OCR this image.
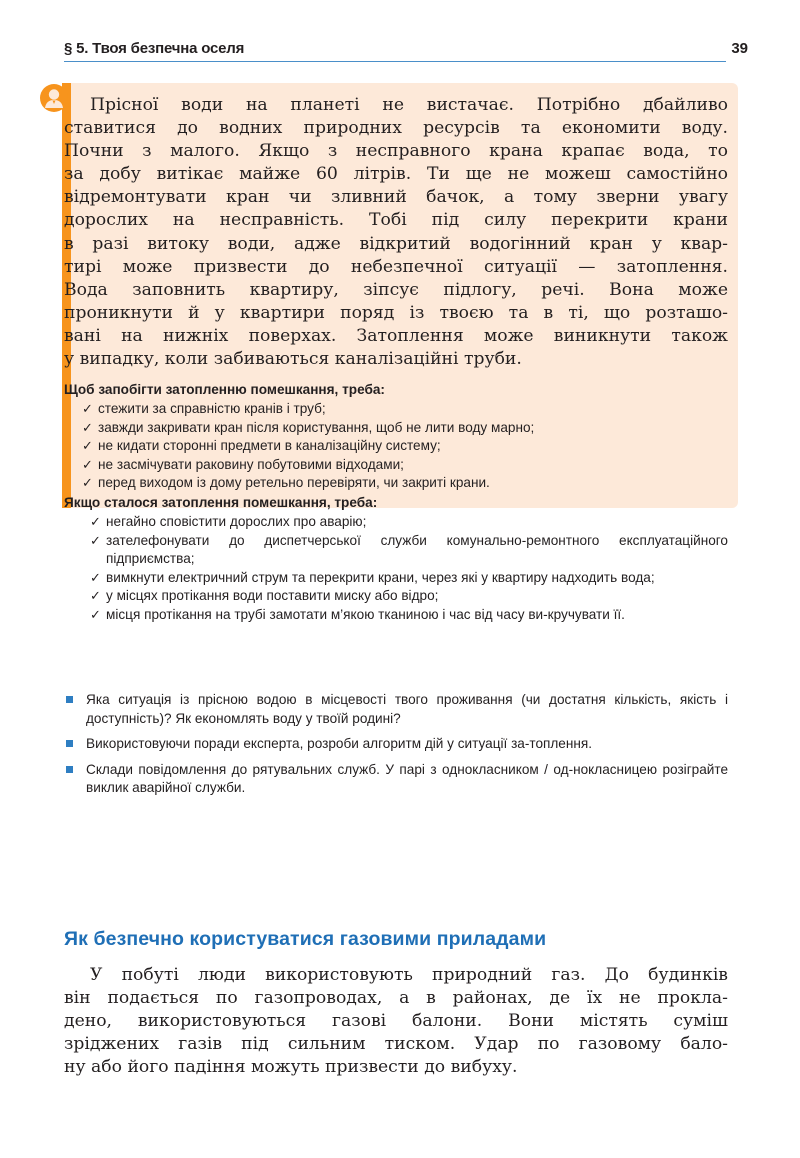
§ 5. Твоя безпечна оселя	39
Прісної води на планеті не вистачає. Потрібно дбайливо
ставитися до водних природних ресурсів та економити воду.
Почни з малого. Якщо з несправного крана крапає вода, то
за добу витікає майже 60 літрів. Ти ще не можеш самостійно
відремонтувати кран чи зливний бачок, а тому зверни увагу
дорослих на несправність. Тобі під силу перекрити крани
в разі витоку води, адже відкритий водогінний кран у квар-
тирі може призвести до небезпечної ситуації — затоплення.
Вода заповнить квартиру, зіпсує підлогу, речі. Вона може
проникнути й у квартири поряд із твоєю та в ті, що розташо-
вані на нижніх поверхах. Затоплення може виникнути також
у випадку, коли забиваються каналізаційні труби.
Щоб запобігти затопленню помешкання, треба:
✓ стежити за справністю кранів і труб;
✓ завжди закривати кран після користування, щоб не лити воду марно;
✓ не кидати сторонні предмети в каналізаційну систему;
✓ не засмічувати раковину побутовими відходами;
✓ перед виходом із дому ретельно перевіряти, чи закриті крани.
Якщо сталося затоплення помешкання, треба:
✓ негайно сповістити дорослих про аварію;
✓ зателефонувати до диспетчерської служби комунально-ремонтного експлуатаційного підприємства;
✓ вимкнути електричний струм та перекрити крани, через які у квартиру надходить вода;
✓ у місцях протікання води поставити миску або відро;
✓ місця протікання на трубі замотати м’якою тканиною і час від часу ви-кручувати її.
Яка ситуація із прісною водою в місцевості твого проживання (чи достатня кількість, якість і доступність)? Як економлять воду у твоїй родині?
Використовуючи поради експерта, розроби алгоритм дій у ситуації за-топлення.
Склади повідомлення до рятувальних служб. У парі з однокласником / од-нокласницею розіграйте виклик аварійної служби.
Як безпечно користуватися газовими приладами
У побуті люди використовують природний газ. До будинків
він подається по газопроводах, а в районах, де їх не прокла-
дено, використовуються газові балони. Вони містять суміш
зріджених газів під сильним тиском. Удар по газовому бало-
ну або його падіння можуть призвести до вибуху.
